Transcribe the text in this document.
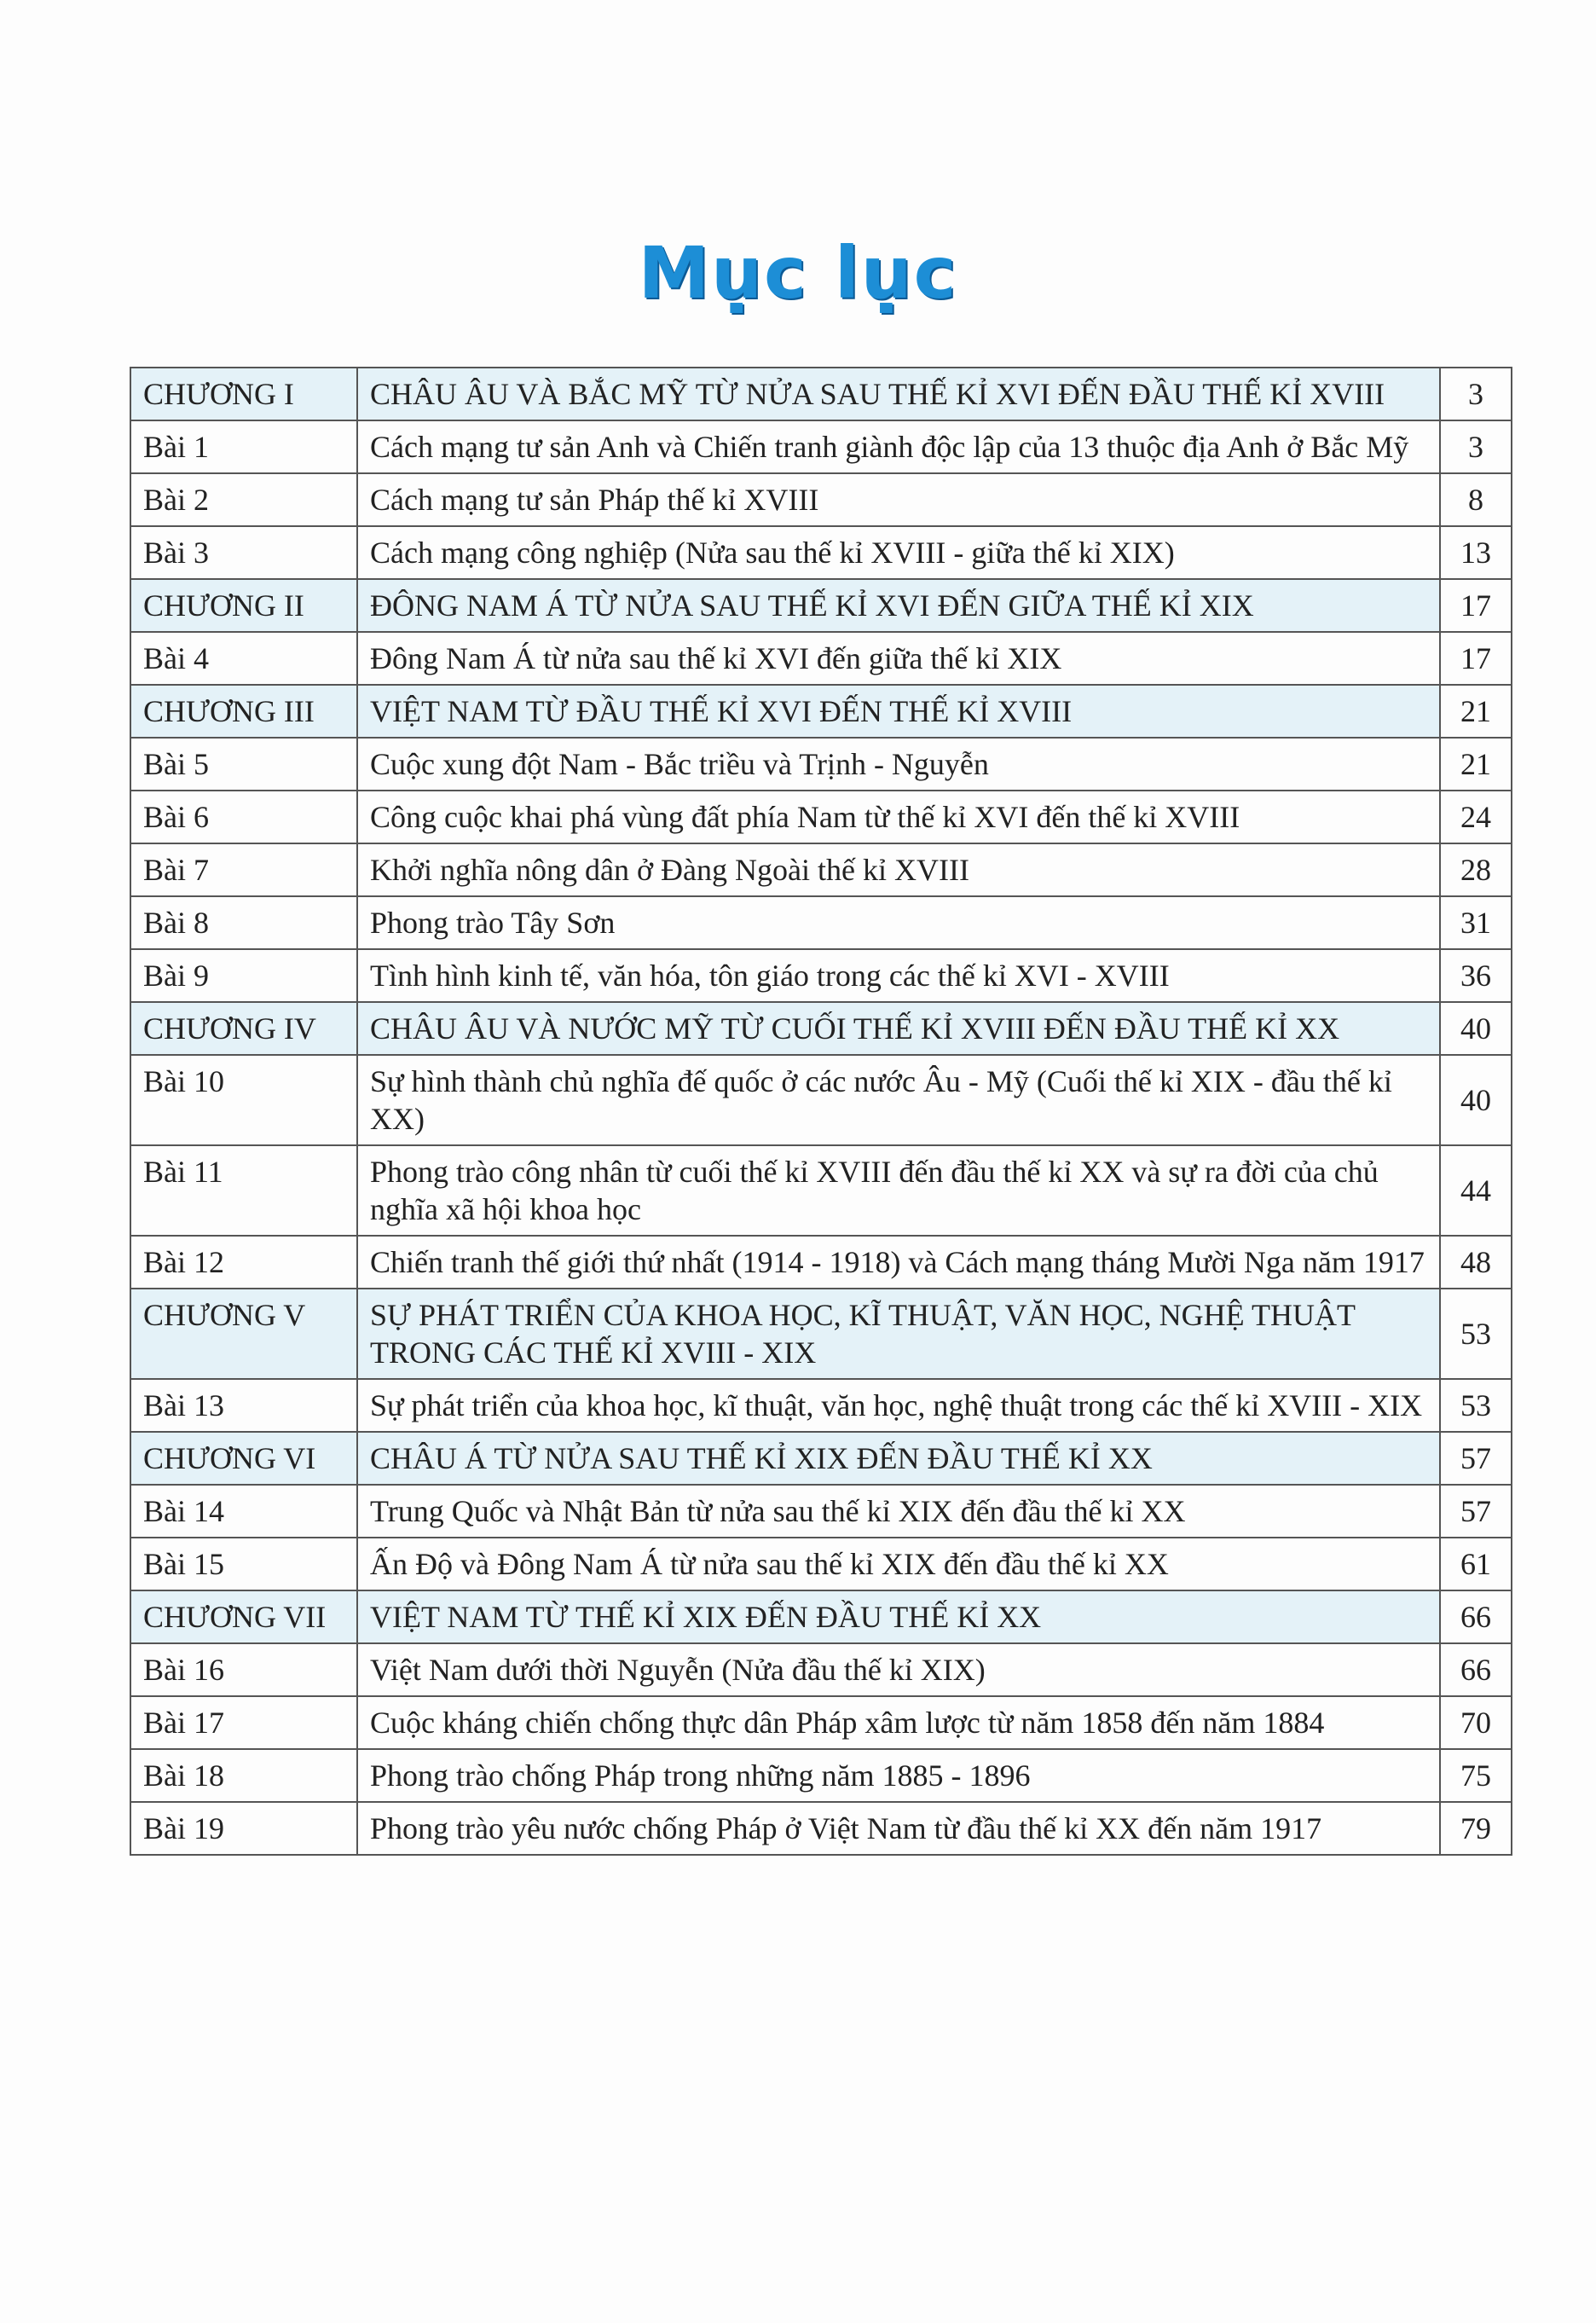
Mục lục
CHƯƠNG I	CHÂU ÂU VÀ BẮC MỸ TỪ NỬA SAU THẾ KỈ XVI ĐẾN ĐẦU THẾ KỈ XVIII	3
Bài 1	Cách mạng tư sản Anh và Chiến tranh giành độc lập của 13 thuộc địa Anh ở Bắc Mỹ	3
Bài 2	Cách mạng tư sản Pháp thế kỉ XVIII	8
Bài 3	Cách mạng công nghiệp (Nửa sau thế kỉ XVIII - giữa thế kỉ XIX)	13
CHƯƠNG II	ĐÔNG NAM Á TỪ NỬA SAU THẾ KỈ XVI ĐẾN GIỮA THẾ KỈ XIX	17
Bài 4	Đông Nam Á từ nửa sau thế kỉ XVI đến giữa thế kỉ XIX	17
CHƯƠNG III	VIỆT NAM TỪ ĐẦU THẾ KỈ XVI ĐẾN THẾ KỈ XVIII	21
Bài 5	Cuộc xung đột Nam - Bắc triều và Trịnh - Nguyễn	21
Bài 6	Công cuộc khai phá vùng đất phía Nam từ thế kỉ XVI đến thế kỉ XVIII	24
Bài 7	Khởi nghĩa nông dân ở Đàng Ngoài thế kỉ XVIII	28
Bài 8	Phong trào Tây Sơn	31
Bài 9	Tình hình kinh tế, văn hóa, tôn giáo trong các thế kỉ XVI - XVIII	36
CHƯƠNG IV	CHÂU ÂU VÀ NƯỚC MỸ TỪ CUỐI THẾ KỈ XVIII ĐẾN ĐẦU THẾ KỈ XX	40
Bài 10	Sự hình thành chủ nghĩa đế quốc ở các nước Âu - Mỹ (Cuối thế kỉ XIX - đầu thế kỉ XX)	40
Bài 11	Phong trào công nhân từ cuối thế kỉ XVIII đến đầu thế kỉ XX và sự ra đời của chủ nghĩa xã hội khoa học	44
Bài 12	Chiến tranh thế giới thứ nhất (1914 - 1918) và Cách mạng tháng Mười Nga năm 1917	48
CHƯƠNG V	SỰ PHÁT TRIỂN CỦA KHOA HỌC, KĨ THUẬT, VĂN HỌC, NGHỆ THUẬT TRONG CÁC THẾ KỈ XVIII - XIX	53
Bài 13	Sự phát triển của khoa học, kĩ thuật, văn học, nghệ thuật trong các thế kỉ XVIII - XIX	53
CHƯƠNG VI	CHÂU Á TỪ NỬA SAU THẾ KỈ XIX ĐẾN ĐẦU THẾ KỈ XX	57
Bài 14	Trung Quốc và Nhật Bản từ nửa sau thế kỉ XIX đến đầu thế kỉ XX	57
Bài 15	Ấn Độ và Đông Nam Á từ nửa sau thế kỉ XIX đến đầu thế kỉ XX	61
CHƯƠNG VII	VIỆT NAM TỪ THẾ KỈ XIX ĐẾN ĐẦU THẾ KỈ XX	66
Bài 16	Việt Nam dưới thời Nguyễn (Nửa đầu thế kỉ XIX)	66
Bài 17	Cuộc kháng chiến chống thực dân Pháp xâm lược từ năm 1858 đến năm 1884	70
Bài 18	Phong trào chống Pháp trong những năm 1885 - 1896	75
Bài 19	Phong trào yêu nước chống Pháp ở Việt Nam từ đầu thế kỉ XX đến năm 1917	79
